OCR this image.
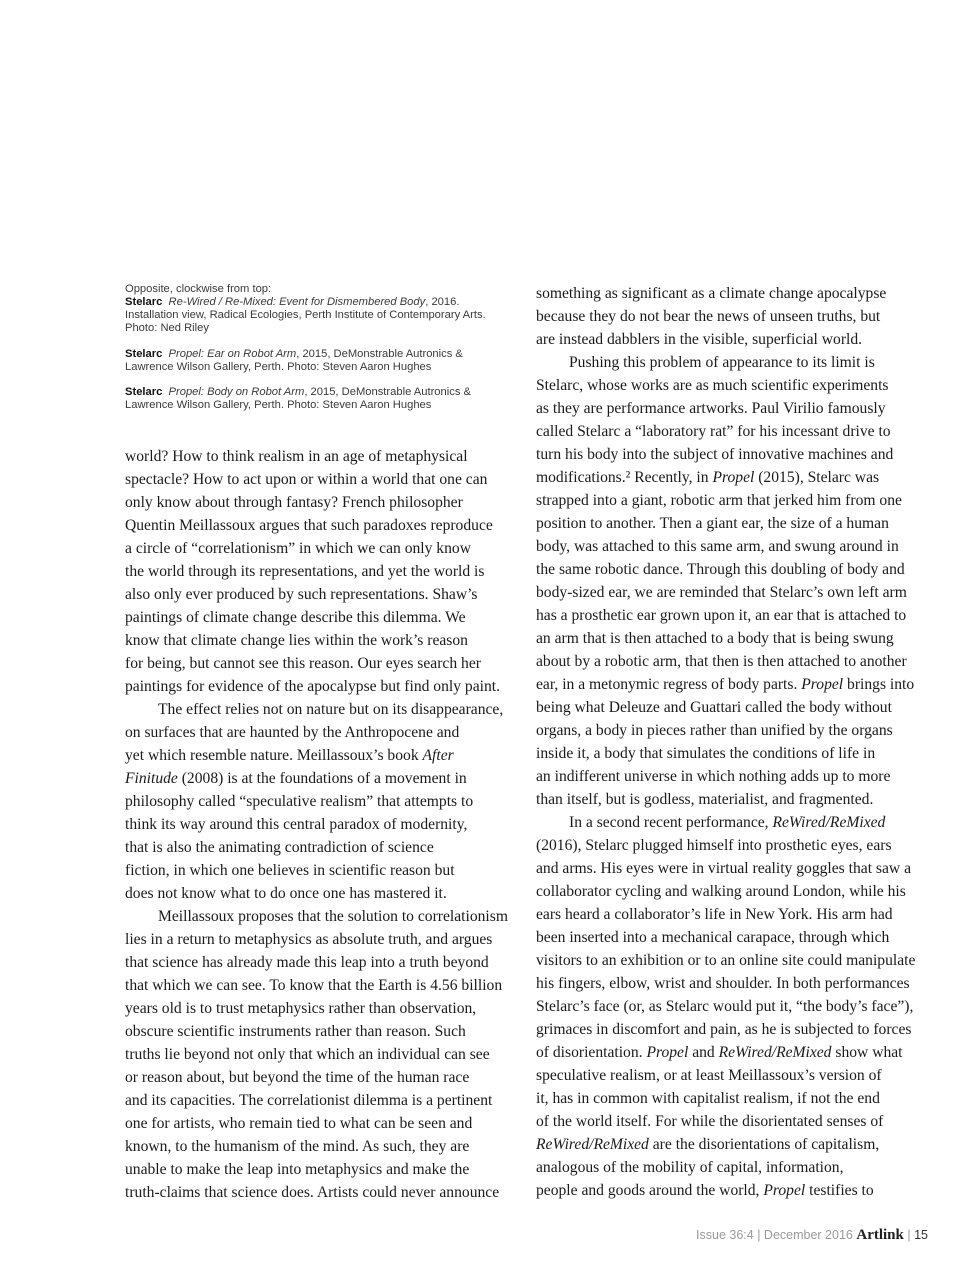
Opposite, clockwise from top:
Stelarc Re-Wired / Re-Mixed: Event for Dismembered Body, 2016.
Installation view, Radical Ecologies, Perth Institute of Contemporary Arts.
Photo: Ned Riley
Stelarc Propel: Ear on Robot Arm, 2015, DeMonstrable Autronics &
Lawrence Wilson Gallery, Perth. Photo: Steven Aaron Hughes
Stelarc Propel: Body on Robot Arm, 2015, DeMonstrable Autronics &
Lawrence Wilson Gallery, Perth. Photo: Steven Aaron Hughes
world? How to think realism in an age of metaphysical
spectacle? How to act upon or within a world that one can
only know about through fantasy? French philosopher
Quentin Meillassoux argues that such paradoxes reproduce
a circle of “correlationism” in which we can only know
the world through its representations, and yet the world is
also only ever produced by such representations. Shaw’s
paintings of climate change describe this dilemma. We
know that climate change lies within the work’s reason
for being, but cannot see this reason. Our eyes search her
paintings for evidence of the apocalypse but find only paint.
The effect relies not on nature but on its disappearance,
on surfaces that are haunted by the Anthropocene and
yet which resemble nature. Meillassoux’s book After
Finitude (2008) is at the foundations of a movement in
philosophy called “speculative realism” that attempts to
think its way around this central paradox of modernity,
that is also the animating contradiction of science
fiction, in which one believes in scientific reason but
does not know what to do once one has mastered it.
Meillassoux proposes that the solution to correlationism
lies in a return to metaphysics as absolute truth, and argues
that science has already made this leap into a truth beyond
that which we can see. To know that the Earth is 4.56 billion
years old is to trust metaphysics rather than observation,
obscure scientific instruments rather than reason. Such
truths lie beyond not only that which an individual can see
or reason about, but beyond the time of the human race
and its capacities. The correlationist dilemma is a pertinent
one for artists, who remain tied to what can be seen and
known, to the humanism of the mind. As such, they are
unable to make the leap into metaphysics and make the
truth-claims that science does. Artists could never announce
something as significant as a climate change apocalypse
because they do not bear the news of unseen truths, but
are instead dabblers in the visible, superficial world.
Pushing this problem of appearance to its limit is
Stelarc, whose works are as much scientific experiments
as they are performance artworks. Paul Virilio famously
called Stelarc a “laboratory rat” for his incessant drive to
turn his body into the subject of innovative machines and
modifications.² Recently, in Propel (2015), Stelarc was
strapped into a giant, robotic arm that jerked him from one
position to another. Then a giant ear, the size of a human
body, was attached to this same arm, and swung around in
the same robotic dance. Through this doubling of body and
body-sized ear, we are reminded that Stelarc’s own left arm
has a prosthetic ear grown upon it, an ear that is attached to
an arm that is then attached to a body that is being swung
about by a robotic arm, that then is then attached to another
ear, in a metonymic regress of body parts. Propel brings into
being what Deleuze and Guattari called the body without
organs, a body in pieces rather than unified by the organs
inside it, a body that simulates the conditions of life in
an indifferent universe in which nothing adds up to more
than itself, but is godless, materialist, and fragmented.
In a second recent performance, ReWired/ReMixed
(2016), Stelarc plugged himself into prosthetic eyes, ears
and arms. His eyes were in virtual reality goggles that saw a
collaborator cycling and walking around London, while his
ears heard a collaborator’s life in New York. His arm had
been inserted into a mechanical carapace, through which
visitors to an exhibition or to an online site could manipulate
his fingers, elbow, wrist and shoulder. In both performances
Stelarc’s face (or, as Stelarc would put it, “the body’s face”),
grimaces in discomfort and pain, as he is subjected to forces
of disorientation. Propel and ReWired/ReMixed show what
speculative realism, or at least Meillassoux’s version of
it, has in common with capitalist realism, if not the end
of the world itself. For while the disorientated senses of
ReWired/ReMixed are the disorientations of capitalism,
analogous of the mobility of capital, information,
people and goods around the world, Propel testifies to
Issue 36:4 | December 2016 Artlink | 15
